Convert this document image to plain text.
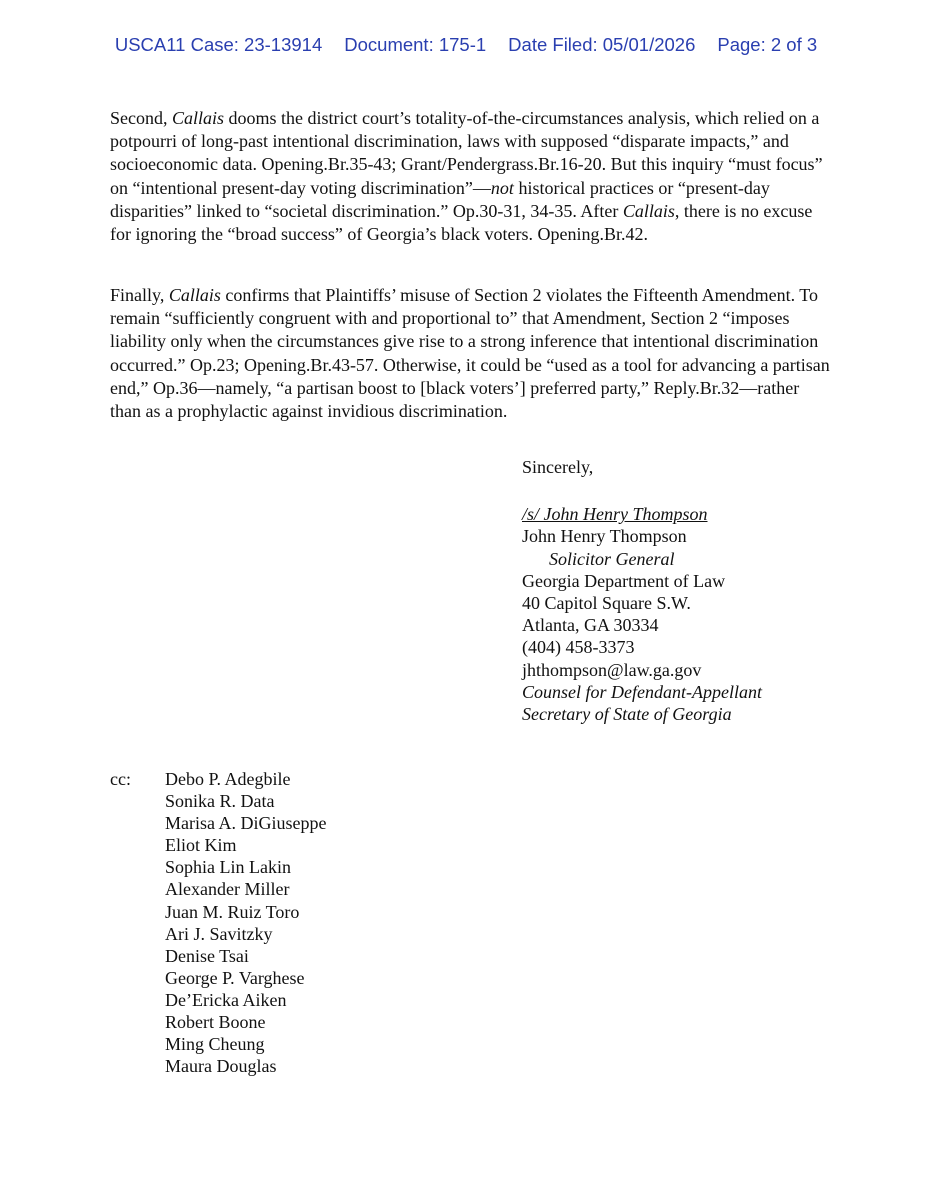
USCA11 Case: 23-13914 Document: 175-1 Date Filed: 05/01/2026 Page: 2 of 3
Second, Callais dooms the district court’s totality-of-the-circumstances analysis, which relied on a potpourri of long-past intentional discrimination, laws with supposed “disparate impacts,” and socioeconomic data. Opening.Br.35-43; Grant/Pendergrass.Br.16-20. But this inquiry “must focus” on “intentional present-day voting discrimination”—not historical practices or “present-day disparities” linked to “societal discrimination.” Op.30-31, 34-35. After Callais, there is no excuse for ignoring the “broad success” of Georgia’s black voters. Opening.Br.42.
Finally, Callais confirms that Plaintiffs’ misuse of Section 2 violates the Fifteenth Amendment. To remain “sufficiently congruent with and proportional to” that Amendment, Section 2 “imposes liability only when the circumstances give rise to a strong inference that intentional discrimination occurred.” Op.23; Opening.Br.43-57. Otherwise, it could be “used as a tool for advancing a partisan end,” Op.36—namely, “a partisan boost to [black voters’] preferred party,” Reply.Br.32—rather than as a prophylactic against invidious discrimination.
Sincerely,
/s/ John Henry Thompson
John Henry Thompson
Solicitor General
Georgia Department of Law
40 Capitol Square S.W.
Atlanta, GA 30334
(404) 458-3373
jhthompson@law.ga.gov
Counsel for Defendant-Appellant
Secretary of State of Georgia
cc: Debo P. Adegbile
Sonika R. Data
Marisa A. DiGiuseppe
Eliot Kim
Sophia Lin Lakin
Alexander Miller
Juan M. Ruiz Toro
Ari J. Savitzky
Denise Tsai
George P. Varghese
De’Ericka Aiken
Robert Boone
Ming Cheung
Maura Douglas
